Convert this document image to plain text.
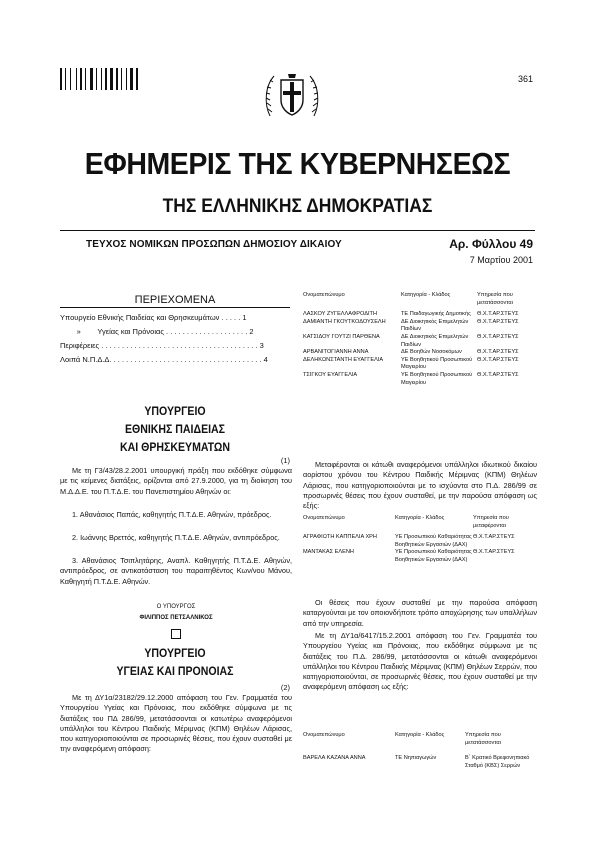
361
ΕΦΗΜΕΡΙΣ ΤΗΣ ΚΥΒΕΡΝΗΣΕΩΣ
ΤΗΣ ΕΛΛΗΝΙΚΗΣ ΔΗΜΟΚΡΑΤΙΑΣ
ΤΕΥΧΟΣ ΝΟΜΙΚΩΝ ΠΡΟΣΩΠΩΝ ΔΗΜΟΣΙΟΥ ΔΙΚΑΙΟΥ	Αρ. Φύλλου 49
7 Μαρτίου 2001
ΠΕΡΙΕΧΟΜΕΝΑ
Υπουργείο Εθνικής Παιδείας και Θρησκευμάτων . . . . . 1
»        Υγείας και Πρόνοιας . . . . . . . . . . . . . . . . . . . . 2
Περιφέρειες . . . . . . . . . . . . . . . . . . . . . . . . . . . . . . . . . . . . . . 3
Λοιπά Ν.Π.Δ.Δ. . . . . . . . . . . . . . . . . . . . . . . . . . . . . . . . . . . . . 4
ΥΠΟΥΡΓΕΙΟ
ΕΘΝΙΚΗΣ ΠΑΙΔΕΙΑΣ
ΚΑΙ ΘΡΗΣΚΕΥΜΑΤΩΝ
(1)
Με τη Γ3/43/28.2.2001 υπουργική πράξη που εκδόθηκε σύμφωνα με τις κείμενες διατάξεις, ορίζονται από 27.9.2000, για τη διοίκηση του Μ.Δ.Δ.Ε. του Π.Τ.Δ.Ε. του Πανεπιστημίου Αθηνών οι:
1. Αθανάσιος Παπάς, καθηγητής Π.Τ.Δ.Ε. Αθηνών, πρόεδρος.
2. Ιωάννης Βρεττός, καθηγητής Π.Τ.Δ.Ε. Αθηνών, αντιπρόεδρος.
3. Αθανάσιος Τσιπλητάρης, Αναπλ. Καθηγητής Π.Τ.Δ.Ε. Αθηνών, αντιπρόεδρος, σε αντικατάσταση του παραιτηθέντος Κων/νου Μάνου, Καθηγητή Π.Τ.Δ.Ε. Αθηνών.
Ο ΥΠΟΥΡΓΟΣ
ΦΙΛΙΠΠΟΣ ΠΕΤΣΑΛΝΙΚΟΣ
ΥΠΟΥΡΓΕΙΟ
ΥΓΕΙΑΣ ΚΑΙ ΠΡΟΝΟΙΑΣ
(2)
Με τη ΔΥ1α/23182/29.12.2000 απόφαση του Γεν. Γραμματέα του Υπουργείου Υγείας και Πρόνοιας, που εκδόθηκε σύμφωνα με τις διατάξεις του ΠΔ 286/99, μετατάσσονται οι κατωτέρω αναφερόμενοι υπάλληλοι του Κέντρου Παιδικής Μέριμνας (ΚΠΜ) Θηλέων Λάρισας, που κατηγοριοποιούνται σε προσωρινές θέσεις, που έχουν συσταθεί με την αναφερόμενη απόφαση:
Ονοματεπώνυμο	Κατηγορία - Κλάδος	Υπηρεσία που μετατάσσονται

ΛΑΣΚΟΥ ΖΥΓΕΛΛΑΦΡΟΔΙΤΗ	ΤΕ Παιδαγωγικής Δημοτικής	Θ.Χ.Τ.ΑΡ.ΣΤΕΥΣ
ΔΑΜΙΑΝΤΗ ΓΚΟΥΤΚΟΔΟΥΣΕΛΗ	ΔΕ Διοικητικός Επιμελητών Παιδίων	Θ.Χ.Τ.ΑΡ.ΣΤΕΥΣ
ΚΑΤΣΙΔΟΥ ΓΟΥΤΖΙ ΠΑΡΘΕΝΑ	ΔΕ Διοικητικός Επιμελητών Παιδίων	Θ.Χ.Τ.ΑΡ.ΣΤΕΥΣ
ΑΡΒΑΝΙΤΟΓΙΑΝΝΗ ΑΝΝΑ	ΔΕ Βοηθών Νοσοκόμων	Θ.Χ.Τ.ΑΡ.ΣΤΕΥΣ
ΔΕΛΗΚΩΝΣΤΑΝΤΗ ΕΥΑΓΓΕΛΙΑ	ΥΕ Βοηθητικού Προσωπικού Μαγειρίου	Θ.Χ.Τ.ΑΡ.ΣΤΕΥΣ
ΤΣΙΓΚΟΥ ΕΥΑΓΓΕΛΙΑ	ΥΕ Βοηθητικού Προσωπικού Μαγειρίου	Θ.Χ.Τ.ΑΡ.ΣΤΕΥΣ
Μεταφέρονται οι κάτωθι αναφερόμενοι υπάλληλοι ιδιωτικού δικαίου αορίστου χρόνου του Κέντρου Παιδικής Μέριμνας (ΚΠΜ) Θηλέων Λάρισας, που κατηγοριοποιούνται με το ισχύοντα στο Π.Δ. 286/99 σε προσωρινές θέσεις που έχουν συσταθεί, με την παρούσα απόφαση ως εξής:
Ονοματεπώνυμο	Κατηγορία - Κλάδος	Υπηρεσία που μεταφέρονται

ΑΓΡΑΦΙΩΤΗ ΚΑΠΠΕΛΙΑ ΧΡΗ	ΥΕ Προσωπικού Καθαριότητας Βοηθητικών Εργασιών (ΔΑΧ)	Θ.Χ.Τ.ΑΡ.ΣΤΕΥΣ
ΜΑΝΤΑΚΑΣ ΕΛΕΝΗ	ΥΕ Προσωπικού Καθαριότητας Βοηθητικών Εργασιών (ΔΑΧ)	Θ.Χ.Τ.ΑΡ.ΣΤΕΥΣ
Οι θέσεις που έχουν συσταθεί με την παρούσα απόφαση καταργούνται με τον οποιονδήποτε τρόπο αποχώρησης των υπαλλήλων από την υπηρεσία.
Με τη ΔΥ1α/6417/15.2.2001 απόφαση του Γεν. Γραμματέα του Υπουργείου Υγείας και Πρόνοιας, που εκδόθηκε σύμφωνα με τις διατάξεις του Π.Δ. 286/99, μετατάσσονται οι κάτωθι αναφερόμενοι υπάλληλοι του Κέντρου Παιδικής Μέριμνας (ΚΠΜ) Θηλέων Σερρών, που κατηγοριοποιούνται, σε προσωρινές θέσεις, που έχουν συσταθεί με την αναφερόμενη απόφαση ως εξής:
Ονοματεπώνυμο	Κατηγορία - Κλάδος	Υπηρεσία που μετατάσσονται

ΒΑΡΕΛΑ ΚΑΖΑΝΑ ΑΝΝΑ	ΤΕ Νηπιαγωγών	Β΄ Κρατικό Βρεφονηπιακό Σταθμό (ΚΒΣ) Σερρών
